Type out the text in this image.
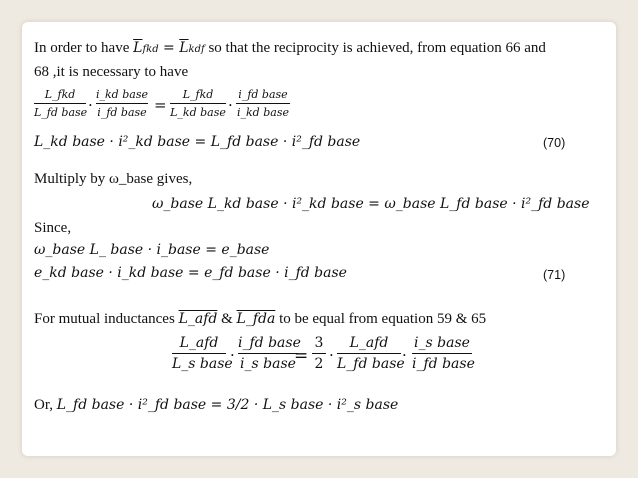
In order to have $\overline{L}fkd = \overline{L}kdf$ so that the reciprocity is achieved, from equation 66 and
68 ,it is necessary to have
L_fkd
L_fd base ·
i_kd base
i_fd base =
L_fkd
L_kd base ·
i_fd base
i_kd base
L_kd base · i²_kd base = L_fd base · i²_fd base	(70)
Multiply by ω_base gives,
ω_base L_kd base · i²_kd base = ω_base L_fd base · i²_fd base
Since,
ω_base L_ base · i_base = e_base
e_kd base · i_kd base = e_fd base · i_fd base	(71)
For mutual inductances L_afd & L_fda to be equal from equation 59 & 65
L_afd
L_s base
·
i_fd base
i_s base
=
3
2 ·
L_afd
L_fd base
·
i_s base
i_fd base
Or, L_fd base · i²_fd base = 3/2 · L_s base · i²_s base
